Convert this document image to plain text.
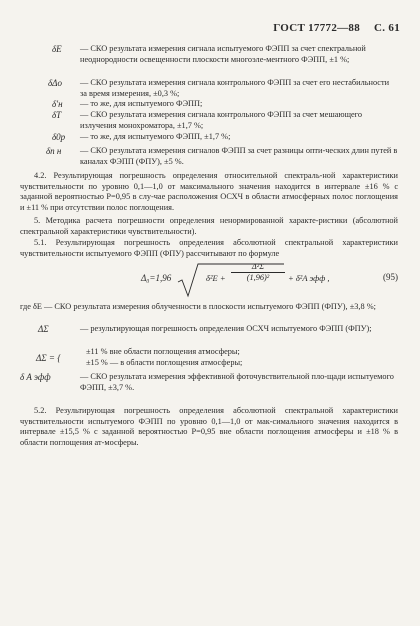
ГОСТ 17772—88 С. 61
δE — СКО результата измерения сигнала испытуемого ФЭПП за счет спектральной неоднородности освещенности плоскости многоэле-ментного ФЭПП, ±1 %;
δΔо — СКО результата измерения сигнала контрольного ФЭПП за счет его нестабильности за время измерения, ±0,3 %;
δ'н — то же, для испытуемого ФЭПП;
δT — СКО результата измерения сигнала контрольного ФЭПП за счет мешающего излучения монохроматора, ±1,7 %;
δ0р — то же, для испытуемого ФЭПП, ±1,7 %;
δп н — СКО результата измерения сигналов ФЭПП за счет разницы опти-ческих длин путей в каналах ФЭПП (ФПУ), ±5 %.
4.2. Результирующая погрешность определения относительной спектраль-ной характеристики чувствительности по уровню 0,1—1,0 от максимального значения находится в интервале ±16 % с заданной вероятностью P=0,95 в слу-чае расположения ОСХЧ в области атмосферных полос поглощения и ±11 % при отсутствии полос поглощения.
5. Методика расчета погрешности определения ненормированной характе-ристики (абсолютной спектральной характеристики чувствительности).
5.1. Результирующая погрешность определения абсолютной спектральной характеристики чувствительности испытуемого ФЭПП (ФПУ) рассчитывают по формуле
Δ₀=1,96	$\delta^2E + \frac{\text{Δ²Σ}}{\text{(1,96)²}} + \delta^2A$ эфф ,	(95)
где δE — СКО результата измерения облученности в плоскости испытуемого ФЭПП (ФПУ), ±3,8 %;
ΔΣ	— результирующая погрешность определения ОСХЧ испытуемого ФЭПП (ФПУ);
ΔΣ = {
±11 % вне области поглощения атмосферы;
±15 % — в области поглощения атмосферы;
δ A эфф	— СКО результата измерения эффективной фоточувствительной пло-щади испытуемого ФЭПП, ±3,7 %.
5.2. Результирующая погрешность определения абсолютной спектральной характеристики чувствительности испытуемого ФЭПП по уровню 0,1—1,0 от мак-симального значения находится в интервале ±15,5 % с заданной вероятностью P=0,95 вне области поглощения атмосферы и ±18 % в области поглощения ат-мосферы.
